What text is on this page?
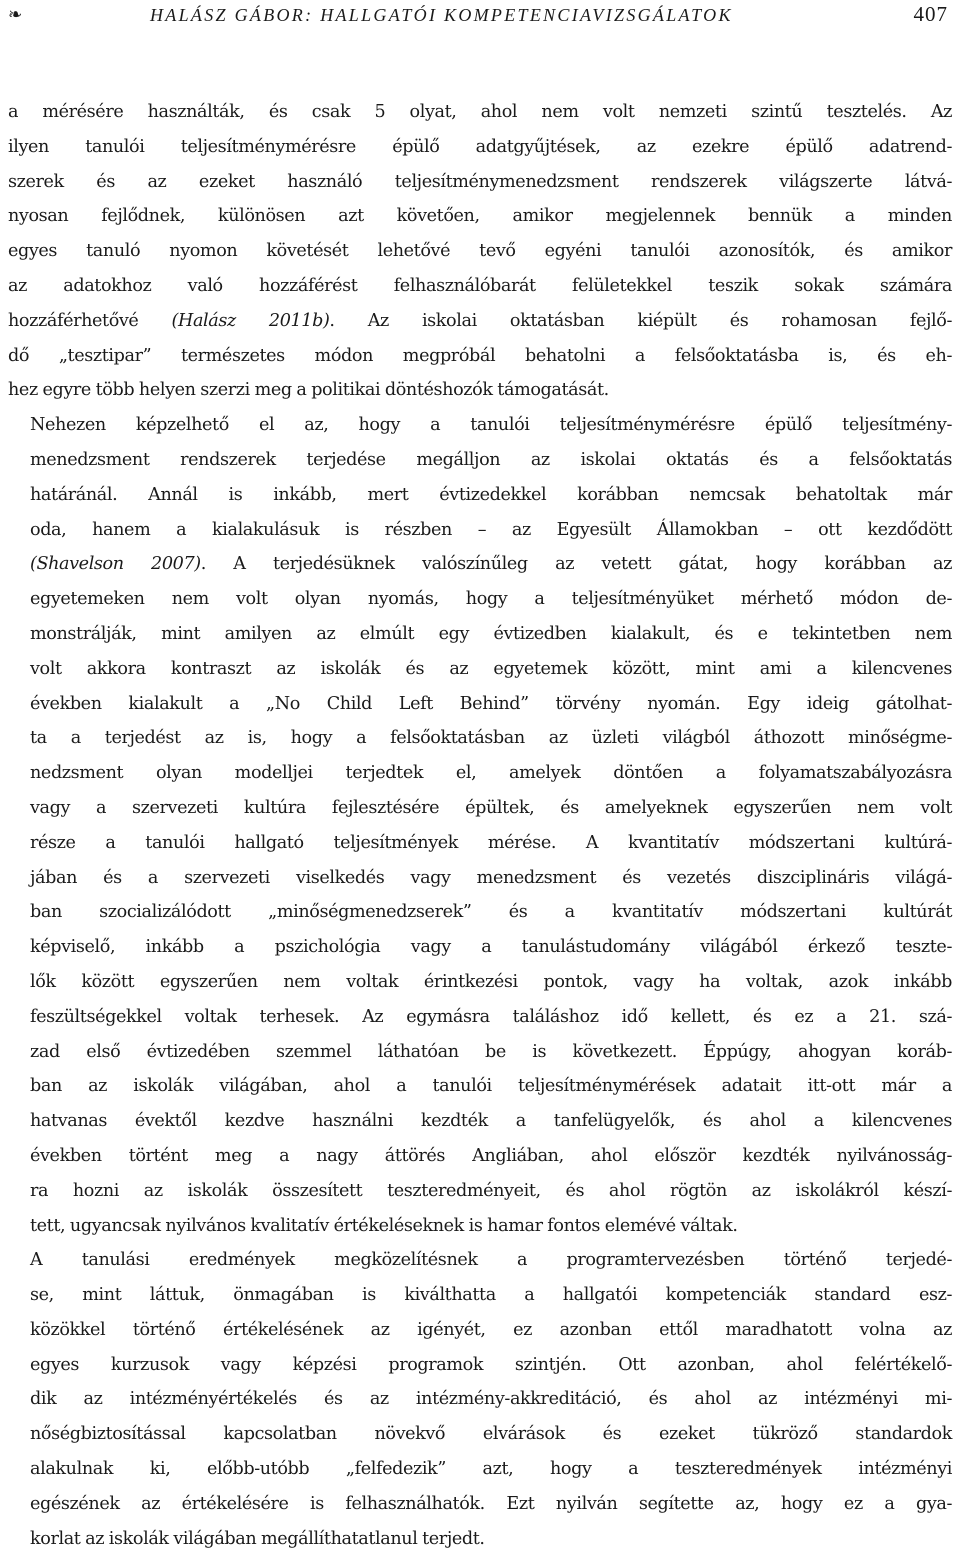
❧	HALÁSZ GÁBOR: HALLGATÓI KOMPETENCIAVIZSGÁLATOK	407

a mérésére használták, és csak 5 olyat, ahol nem volt nemzeti szintű tesztelés. Az
ilyen tanulói teljesítménymérésre épülő adatgyűjtések, az ezekre épülő adatrend-
szerek és az ezeket használó teljesítménymenedzsment rendszerek világszerte látvá-
nyosan fejlődnek, különösen azt követően, amikor megjelennek bennük a minden
egyes tanuló nyomon követését lehetővé tevő egyéni tanulói azonosítók, és amikor
az adatokhoz való hozzáférést felhasználóbarát felületekkel teszik sokak számára
hozzáférhetővé (Halász 2011b). Az iskolai oktatásban kiépült és rohamosan fejlő-
dő „tesztipar” természetes módon megpróbál behatolni a felsőoktatásba is, és eh-
hez egyre több helyen szerzi meg a politikai döntéshozók támogatását.

Nehezen képzelhető el az, hogy a tanulói teljesítménymérésre épülő teljesítmény-
menedzsment rendszerek terjedése megálljon az iskolai oktatás és a felsőoktatás
határánál. Annál is inkább, mert évtizedekkel korábban nemcsak behatoltak már
oda, hanem a kialakulásuk is részben – az Egyesült Államokban – ott kezdődött
(Shavelson 2007). A terjedésüknek valószínűleg az vetett gátat, hogy korábban az
egyetemeken nem volt olyan nyomás, hogy a teljesítményüket mérhető módon de-
monstrálják, mint amilyen az elmúlt egy évtizedben kialakult, és e tekintetben nem
volt akkora kontraszt az iskolák és az egyetemek között, mint ami a kilencvenes
években kialakult a „No Child Left Behind” törvény nyomán. Egy ideig gátolhat-
ta a terjedést az is, hogy a felsőoktatásban az üzleti világból áthozott minőségme-
nedzsment olyan modelljei terjedtek el, amelyek döntően a folyamatszabályozásra
vagy a szervezeti kultúra fejlesztésére épültek, és amelyeknek egyszerűen nem volt
része a tanulói hallgató teljesítmények mérése. A kvantitatív módszertani kultúrá-
jában és a szervezeti viselkedés vagy menedzsment és vezetés diszciplináris világá-
ban szocializálódott „minőségmenedzserek” és a kvantitatív módszertani kultúrát
képviselő, inkább a pszichológia vagy a tanulástudomány világából érkező teszte-
lők között egyszerűen nem voltak érintkezési pontok, vagy ha voltak, azok inkább
feszültségekkel voltak terhesek. Az egymásra találáshoz idő kellett, és ez a 21. szá-
zad első évtizedében szemmel láthatóan be is következett. Éppúgy, ahogyan koráb-
ban az iskolák világában, ahol a tanulói teljesítménymérések adatait itt-ott már a
hatvanas évektől kezdve használni kezdték a tanfelügyelők, és ahol a kilencvenes
években történt meg a nagy áttörés Angliában, ahol először kezdték nyilvánosság-
ra hozni az iskolák összesített teszteredményeit, és ahol rögtön az iskolákról készí-
tett, ugyancsak nyilvános kvalitatív értékeléseknek is hamar fontos elemévé váltak.

A tanulási eredmények megközelítésnek a programtervezésben történő terjedé-
se, mint láttuk, önmagában is kiválthatta a hallgatói kompetenciák standard esz-
közökkel történő értékelésének az igényét, ez azonban ettől maradhatott volna az
egyes kurzusok vagy képzési programok szintjén. Ott azonban, ahol felértékelő-
dik az intézményértékelés és az intézmény-akkreditáció, és ahol az intézményi mi-
nőségbiztosítással kapcsolatban növekvő elvárások és ezeket tükröző standardok
alakulnak ki, előbb-utóbb „felfedezik” azt, hogy a teszteredmények intézményi
egészének az értékelésére is felhasználhatók. Ezt nyilván segítette az, hogy ez a gya-
korlat az iskolák világában megállíthatatlanul terjedt.
